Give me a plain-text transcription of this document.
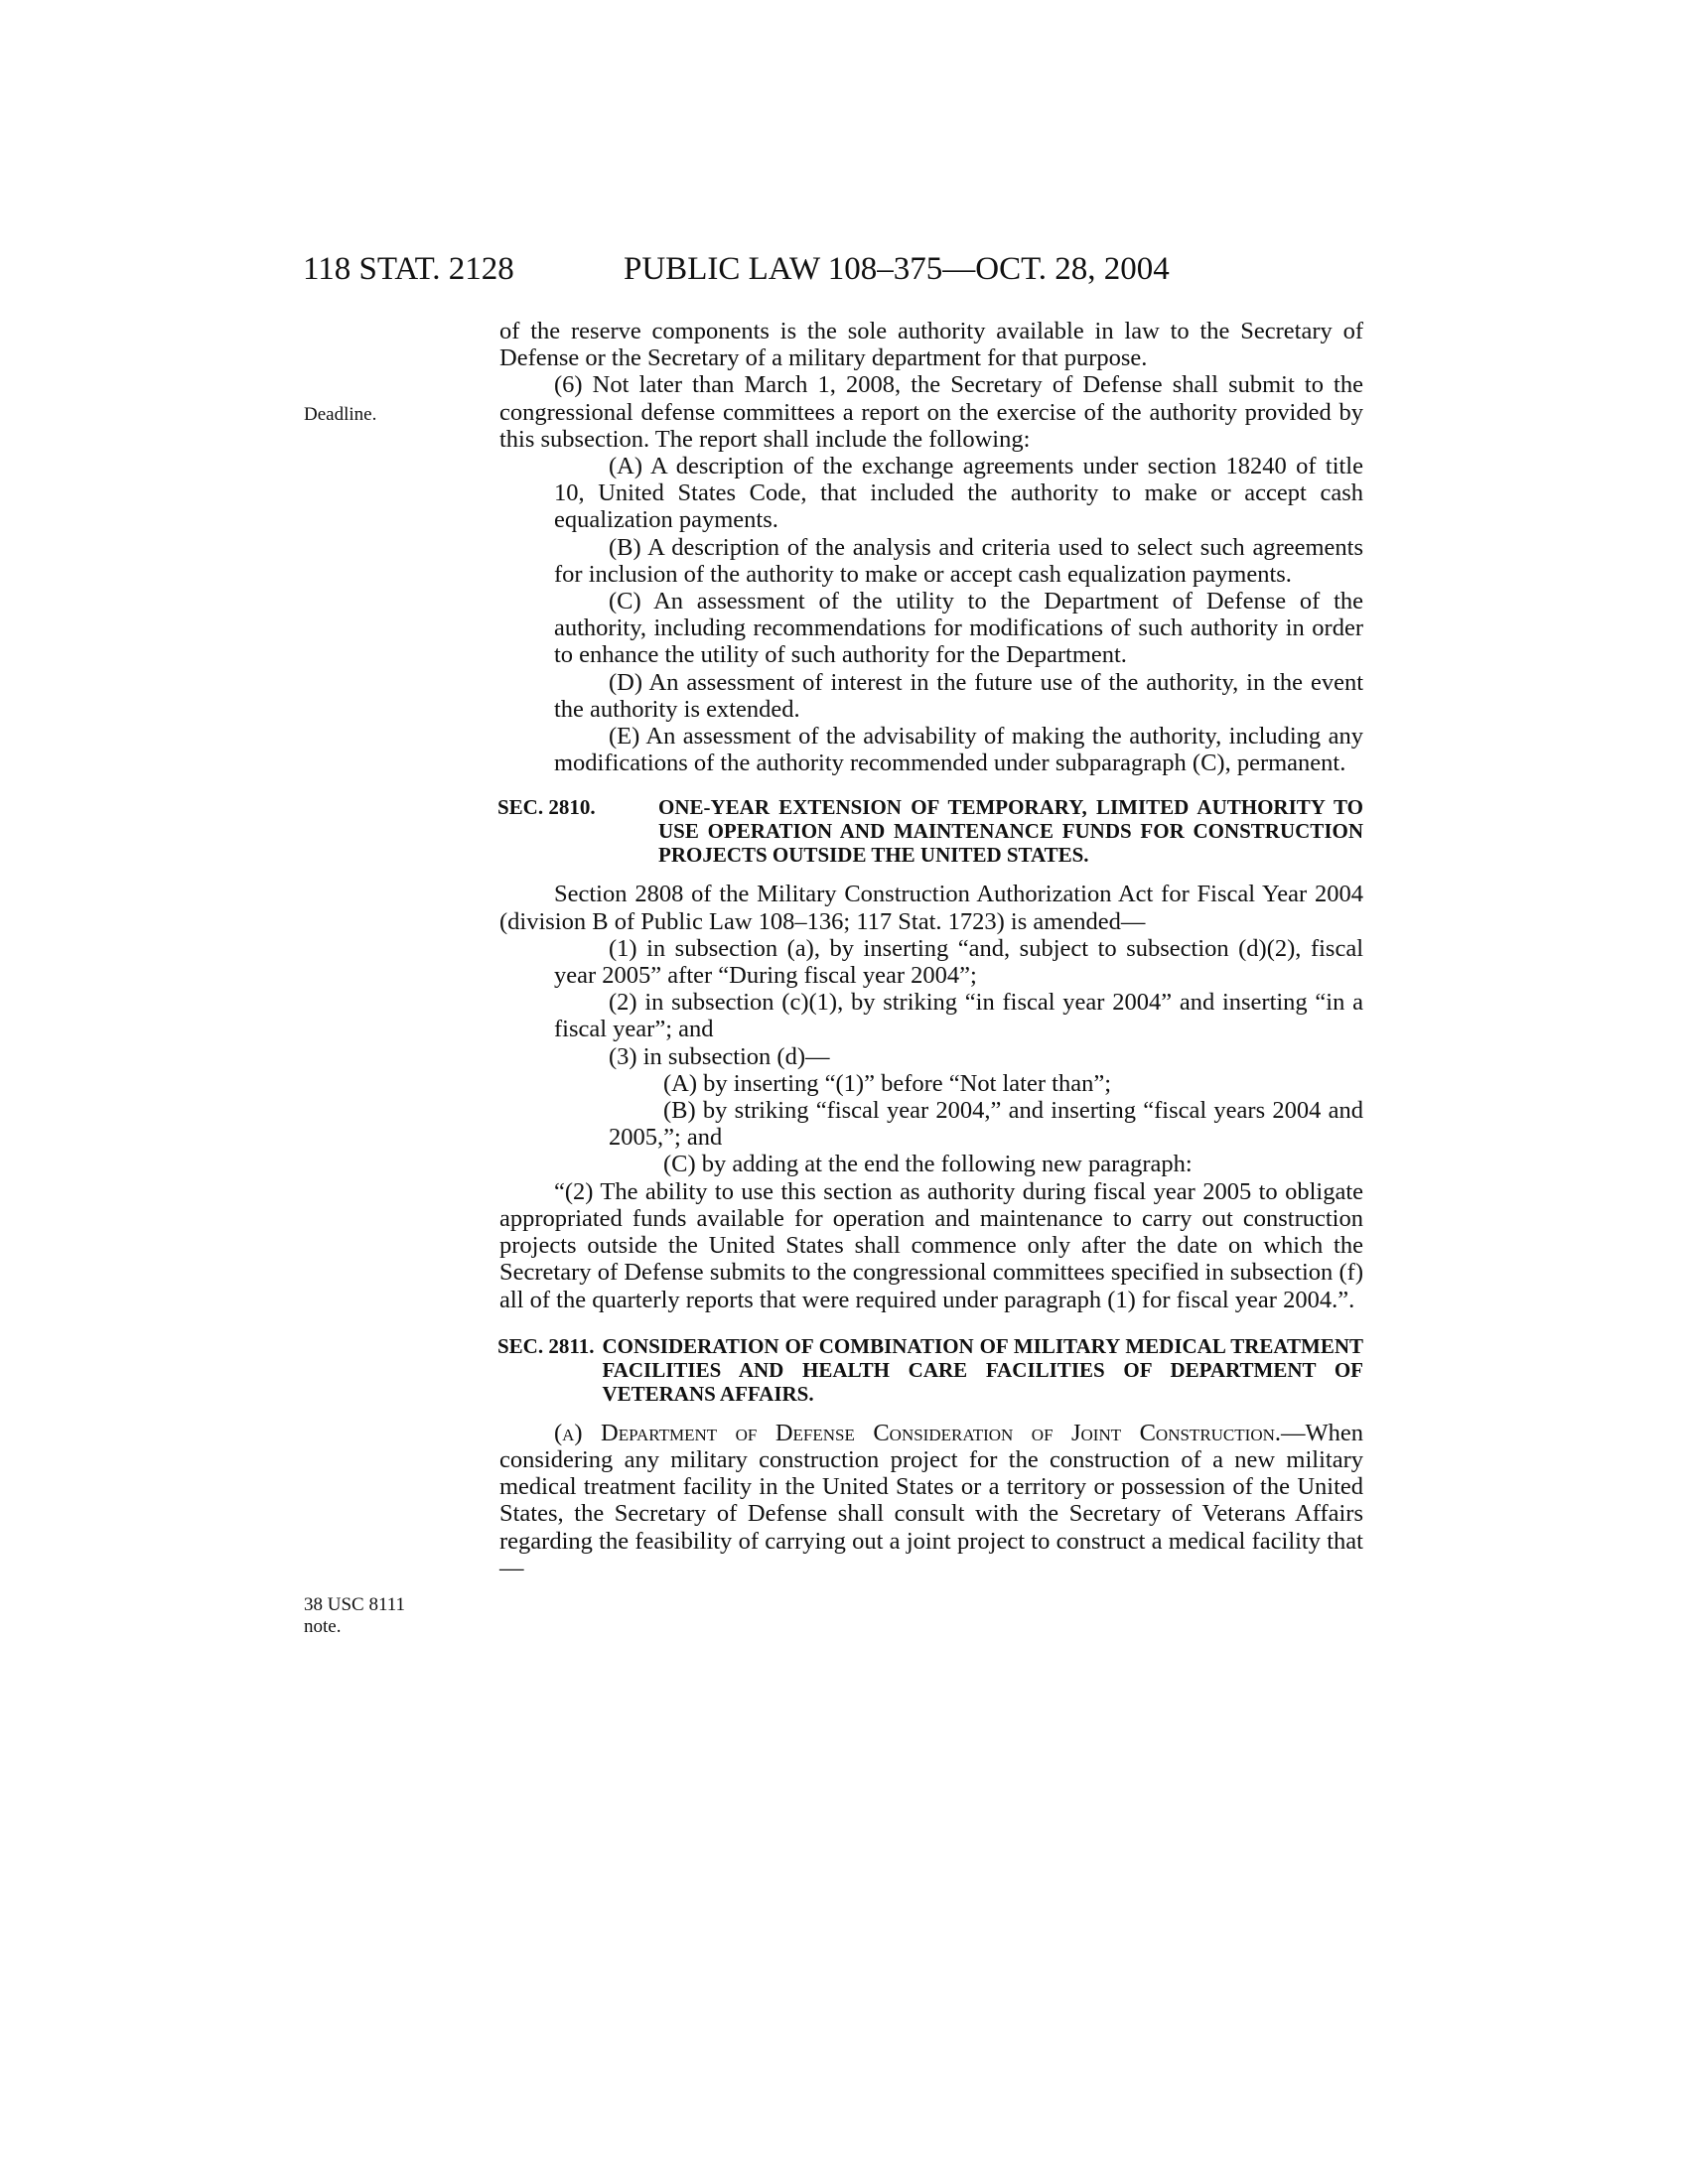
118 STAT. 2128	PUBLIC LAW 108–375—OCT. 28, 2004
Deadline.
38 USC 8111
note.

of the reserve components is the sole authority available in law to the Secretary of Defense or the Secretary of a military department for that purpose.

(6) Not later than March 1, 2008, the Secretary of Defense shall submit to the congressional defense committees a report on the exercise of the authority provided by this subsection. The report shall include the following:

(A) A description of the exchange agreements under section 18240 of title 10, United States Code, that included the authority to make or accept cash equalization payments.

(B) A description of the analysis and criteria used to select such agreements for inclusion of the authority to make or accept cash equalization payments.

(C) An assessment of the utility to the Department of Defense of the authority, including recommendations for modifications of such authority in order to enhance the utility of such authority for the Department.

(D) An assessment of interest in the future use of the authority, in the event the authority is extended.

(E) An assessment of the advisability of making the authority, including any modifications of the authority recommended under subparagraph (C), permanent.

SEC. 2810.	ONE-YEAR EXTENSION OF TEMPORARY, LIMITED AUTHORITY TO USE OPERATION AND MAINTENANCE FUNDS FOR CONSTRUCTION PROJECTS OUTSIDE THE UNITED STATES.

Section 2808 of the Military Construction Authorization Act for Fiscal Year 2004 (division B of Public Law 108–136; 117 Stat. 1723) is amended—

(1) in subsection (a), by inserting “and, subject to subsection (d)(2), fiscal year 2005” after “During fiscal year 2004”;

(2) in subsection (c)(1), by striking “in fiscal year 2004” and inserting “in a fiscal year”; and

(3) in subsection (d)—

(A) by inserting “(1)” before “Not later than”;

(B) by striking “fiscal year 2004,” and inserting “fiscal years 2004 and 2005,”; and

(C) by adding at the end the following new paragraph:

“(2) The ability to use this section as authority during fiscal year 2005 to obligate appropriated funds available for operation and maintenance to carry out construction projects outside the United States shall commence only after the date on which the Secretary of Defense submits to the congressional committees specified in subsection (f) all of the quarterly reports that were required under paragraph (1) for fiscal year 2004.”.

SEC. 2811. CONSIDERATION OF COMBINATION OF MILITARY MEDICAL TREATMENT FACILITIES AND HEALTH CARE FACILITIES OF DEPARTMENT OF VETERANS AFFAIRS.

(a) Department of Defense Consideration of Joint Construction.—When considering any military construction project for the construction of a new military medical treatment facility in the United States or a territory or possession of the United States, the Secretary of Defense shall consult with the Secretary of Veterans Affairs regarding the feasibility of carrying out a joint project to construct a medical facility that—
